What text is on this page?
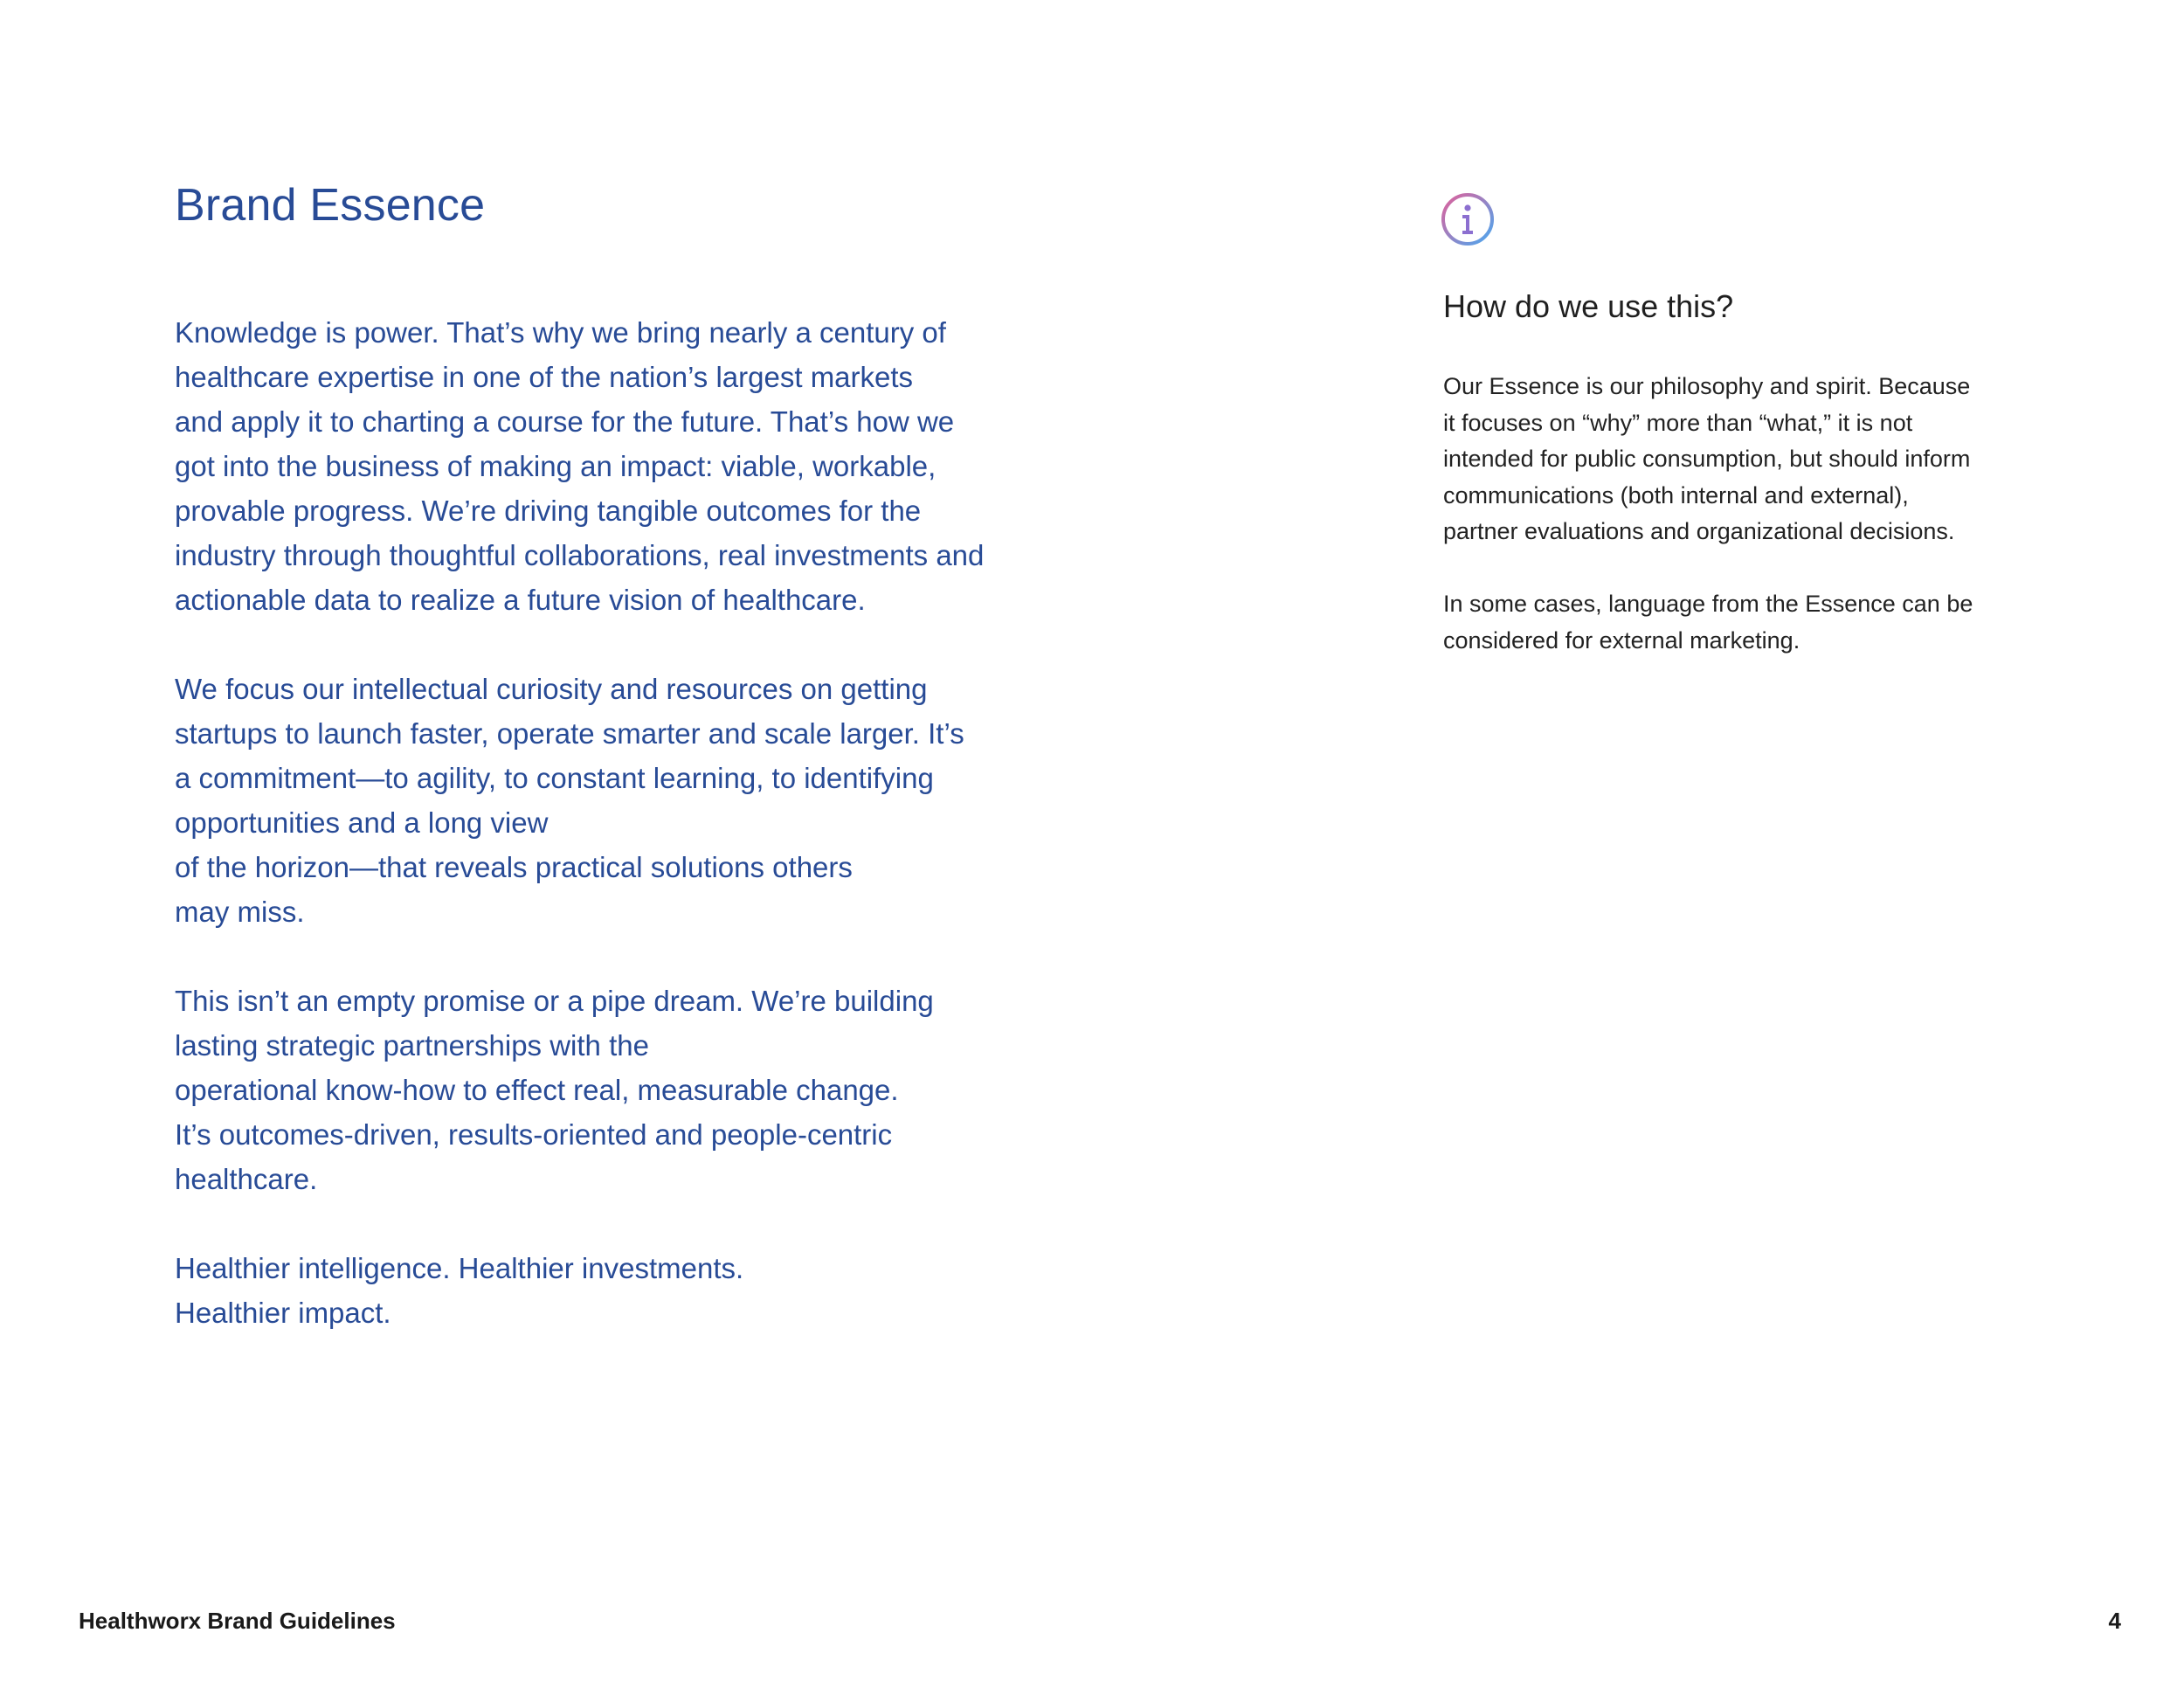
Brand Essence

Knowledge is power. That’s why we bring nearly a century of
healthcare expertise in one of the nation’s largest markets
and apply it to charting a course for the future. That’s how we
got into the business of making an impact: viable, workable,
provable progress. We’re driving tangible outcomes for the
industry through thoughtful collaborations, real investments and
actionable data to realize a future vision of healthcare.

We focus our intellectual curiosity and resources on getting
startups to launch faster, operate smarter and scale larger. It’s
a commitment—to agility, to constant learning, to identifying
opportunities and a long view
of the horizon—that reveals practical solutions others
may miss.

This isn’t an empty promise or a pipe dream. We’re building
lasting strategic partnerships with the
operational know-how to effect real, measurable change.
It’s outcomes-driven, results-oriented and people-centric
healthcare.

Healthier intelligence. Healthier investments.
Healthier impact.

How do we use this?

Our Essence is our philosophy and spirit. Because
it focuses on “why” more than “what,” it is not
intended for public consumption, but should inform
communications (both internal and external),
partner evaluations and organizational decisions.

In some cases, language from the Essence can be
considered for external marketing.

Healthworx Brand Guidelines	4
